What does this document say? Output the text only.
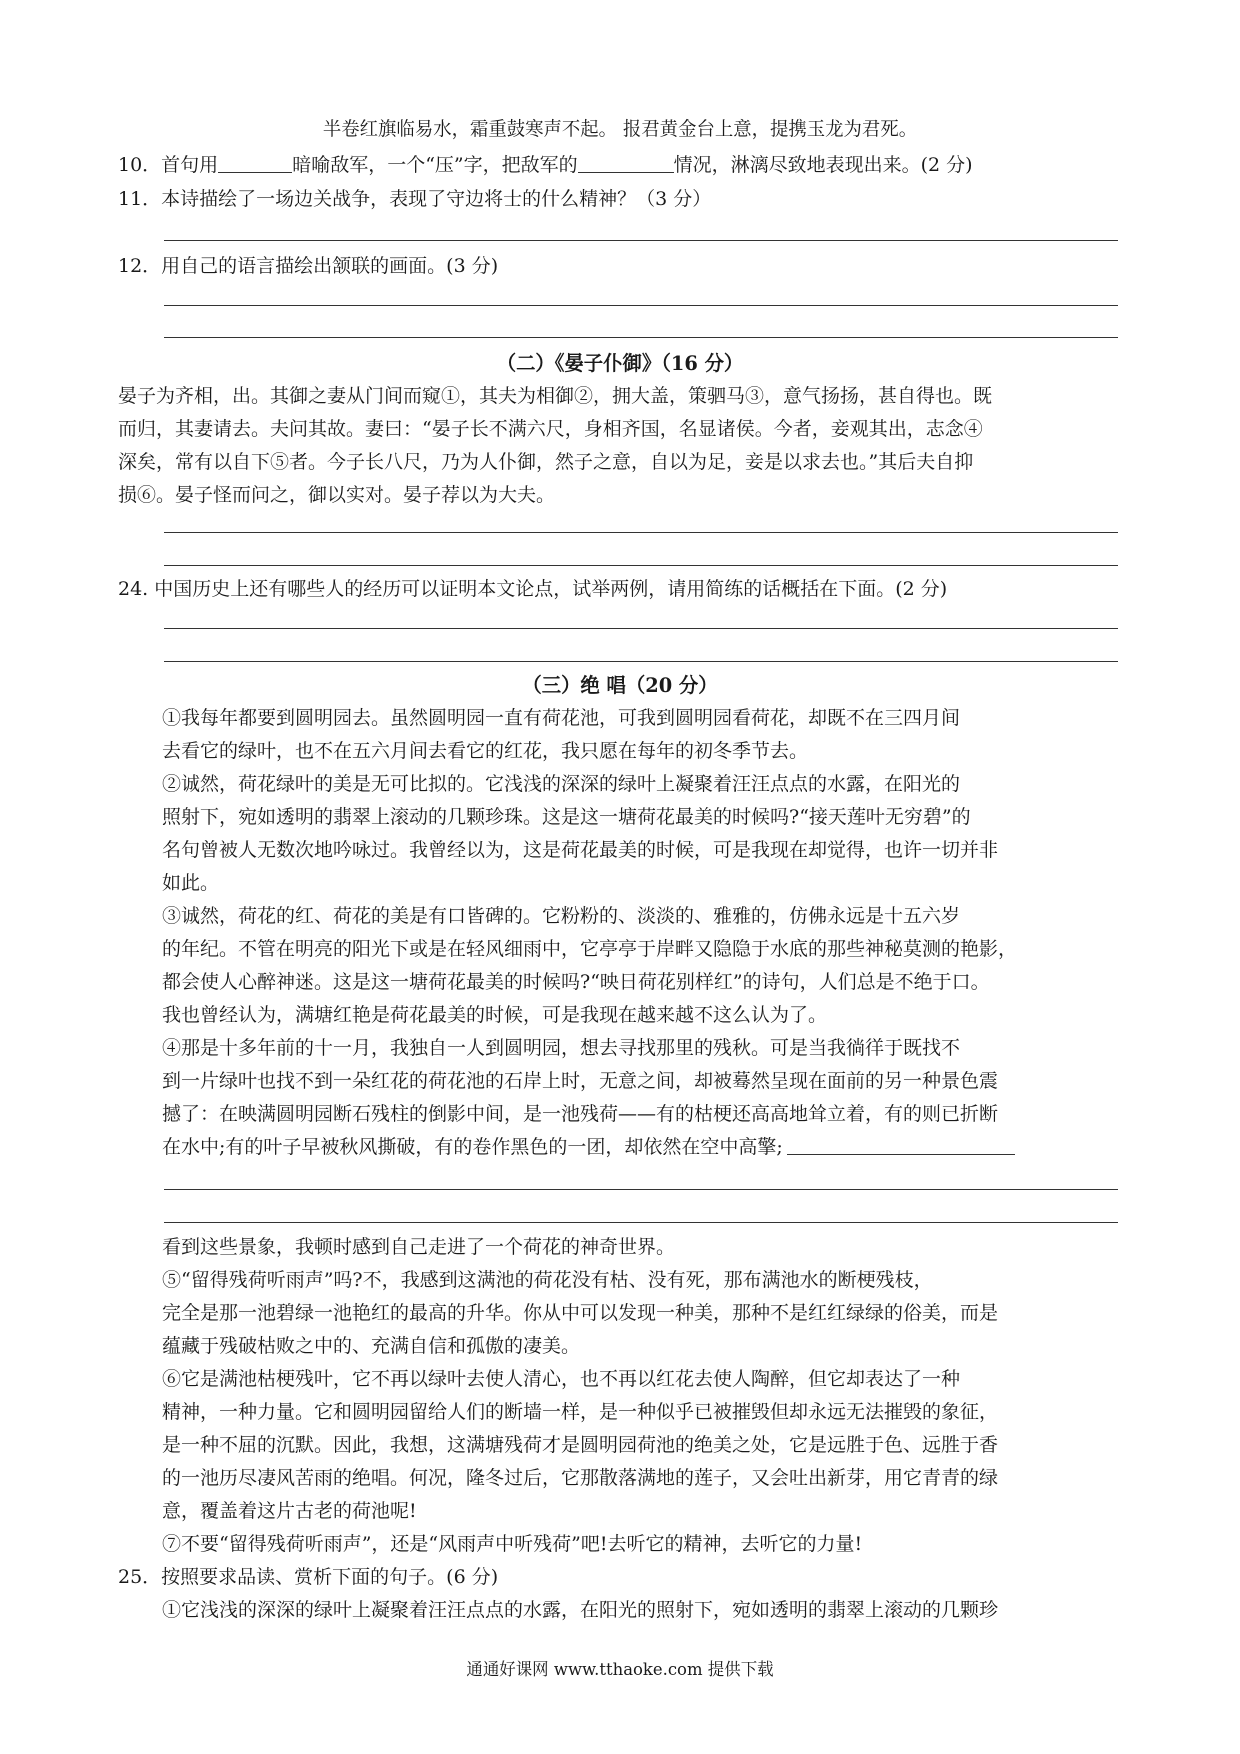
半卷红旗临易水，霜重鼓寒声不起。 报君黄金台上意，提携玉龙为君死。
10．首句用	暗喻敌军，一个“压”字，把敌军的	情况，淋漓尽致地表现出来。(2 分)
11．本诗描绘了一场边关战争，表现了守边将士的什么精神？（3 分）
12．用自己的语言描绘出颔联的画面。(3 分)
（二）《晏子仆御》（16 分）
晏子为齐相，出。其御之妻从门间而窥①，其夫为相御②，拥大盖，策驷马③，意气扬扬，甚自得也。既
而归，其妻请去。夫问其故。妻曰：“晏子长不满六尺，身相齐国，名显诸侯。今者，妾观其出，志念④
深矣，常有以自下⑤者。今子长八尺，乃为人仆御，然子之意，自以为足，妾是以求去也。”其后夫自抑
损⑥。晏子怪而问之，御以实对。晏子荐以为大夫。
24. 中国历史上还有哪些人的经历可以证明本文论点，试举两例，请用简练的话概括在下面。(2 分)
（三）绝 唱（20 分）
①我每年都要到圆明园去。虽然圆明园一直有荷花池，可我到圆明园看荷花，却既不在三四月间
去看它的绿叶，也不在五六月间去看它的红花，我只愿在每年的初冬季节去。
②诚然，荷花绿叶的美是无可比拟的。它浅浅的深深的绿叶上凝聚着汪汪点点的水露，在阳光的
照射下，宛如透明的翡翠上滚动的几颗珍珠。这是这一塘荷花最美的时候吗?“接天莲叶无穷碧”的
名句曾被人无数次地吟咏过。我曾经以为，这是荷花最美的时候，可是我现在却觉得，也许一切并非
如此。
③诚然，荷花的红、荷花的美是有口皆碑的。它粉粉的、淡淡的、雅雅的，仿佛永远是十五六岁
的年纪。不管在明亮的阳光下或是在轻风细雨中，它亭亭于岸畔又隐隐于水底的那些神秘莫测的艳影，
都会使人心醉神迷。这是这一塘荷花最美的时候吗?“映日荷花别样红”的诗句，人们总是不绝于口。
我也曾经认为，满塘红艳是荷花最美的时候，可是我现在越来越不这么认为了。
④那是十多年前的十一月，我独自一人到圆明园，想去寻找那里的残秋。可是当我徜徉于既找不
到一片绿叶也找不到一朵红花的荷花池的石岸上时，无意之间，却被蓦然呈现在面前的另一种景色震
撼了：在映满圆明园断石残柱的倒影中间，是一池残荷——有的枯梗还高高地耸立着，有的则已折断
在水中;有的叶子早被秋风撕破，有的卷作黑色的一团，却依然在空中高擎;
看到这些景象，我顿时感到自己走进了一个荷花的神奇世界。
⑤“留得残荷听雨声”吗?不，我感到这满池的荷花没有枯、没有死，那布满池水的断梗残枝，
完全是那一池碧绿一池艳红的最高的升华。你从中可以发现一种美，那种不是红红绿绿的俗美，而是
蕴藏于残破枯败之中的、充满自信和孤傲的凄美。
⑥它是满池枯梗残叶，它不再以绿叶去使人清心，也不再以红花去使人陶醉，但它却表达了一种
精神，一种力量。它和圆明园留给人们的断墙一样，是一种似乎已被摧毁但却永远无法摧毁的象征，
是一种不屈的沉默。因此，我想，这满塘残荷才是圆明园荷池的绝美之处，它是远胜于色、远胜于香
的一池历尽凄风苦雨的绝唱。何况，隆冬过后，它那散落满地的莲子，又会吐出新芽，用它青青的绿
意，覆盖着这片古老的荷池呢!
⑦不要“留得残荷听雨声”，还是“风雨声中听残荷”吧!去听它的精神，去听它的力量!
25．按照要求品读、赏析下面的句子。(6 分)
①它浅浅的深深的绿叶上凝聚着汪汪点点的水露，在阳光的照射下，宛如透明的翡翠上滚动的几颗珍
通通好课网 www.tthaoke.com 提供下载
